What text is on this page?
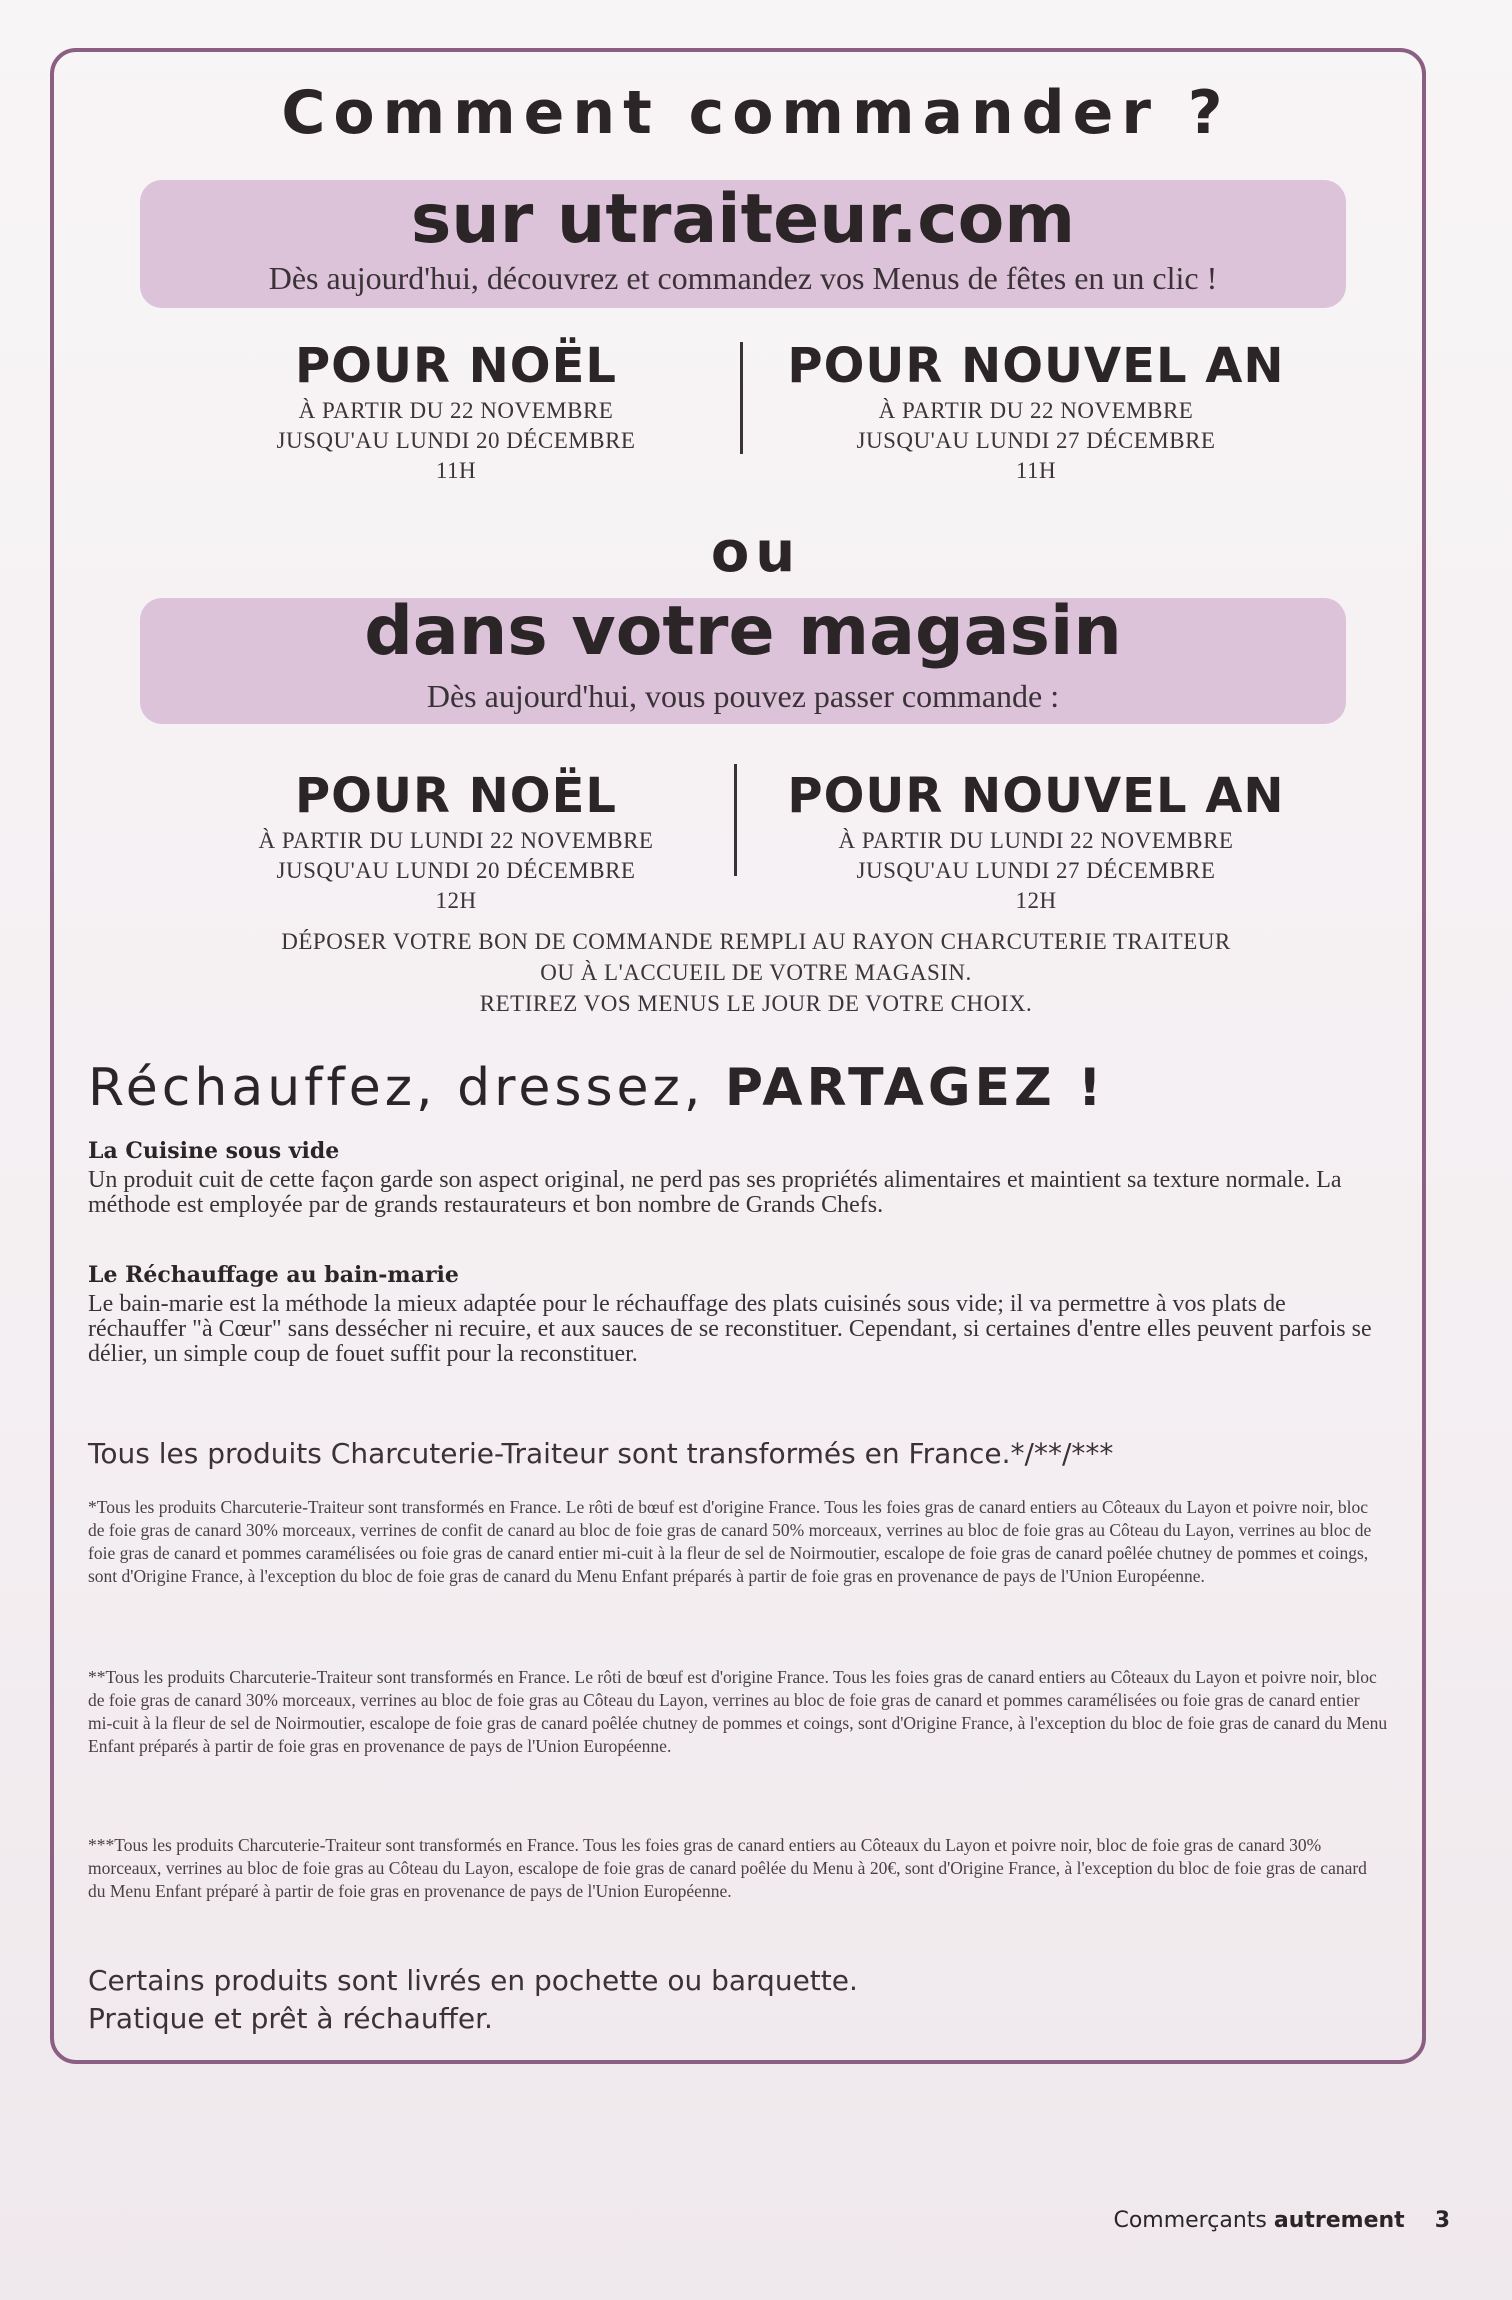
Comment commander ?
sur utraiteur.com
Dès aujourd'hui, découvrez et commandez vos Menus de fêtes en un clic !
POUR NOËL
À PARTIR DU 22 NOVEMBRE
JUSQU'AU LUNDI 20 DÉCEMBRE
11H
POUR NOUVEL AN
À PARTIR DU 22 NOVEMBRE
JUSQU'AU LUNDI 27 DÉCEMBRE
11H
ou
dans votre magasin
Dès aujourd'hui, vous pouvez passer commande :
POUR NOËL
À PARTIR DU LUNDI 22 NOVEMBRE
JUSQU'AU LUNDI 20 DÉCEMBRE
12H
POUR NOUVEL AN
À PARTIR DU LUNDI 22 NOVEMBRE
JUSQU'AU LUNDI 27 DÉCEMBRE
12H
DÉPOSER VOTRE BON DE COMMANDE REMPLI AU RAYON CHARCUTERIE TRAITEUR
OU À L'ACCUEIL DE VOTRE MAGASIN.
RETIREZ VOS MENUS LE JOUR DE VOTRE CHOIX.
Réchauffez, dressez, PARTAGEZ !
La Cuisine sous vide
Un produit cuit de cette façon garde son aspect original, ne perd pas ses propriétés alimentaires et maintient sa texture normale. La méthode est employée par de grands restaurateurs et bon nombre de Grands Chefs.
Le Réchauffage au bain-marie
Le bain-marie est la méthode la mieux adaptée pour le réchauffage des plats cuisinés sous vide; il va permettre à vos plats de réchauffer "à Cœur" sans dessécher ni recuire, et aux sauces de se reconstituer. Cependant, si certaines d'entre elles peuvent parfois se délier, un simple coup de fouet suffit pour la reconstituer.
Tous les produits Charcuterie-Traiteur sont transformés en France.*/**/***
*Tous les produits Charcuterie-Traiteur sont transformés en France. Le rôti de bœuf est d'origine France. Tous les foies gras de canard entiers au Côteaux du Layon et poivre noir, bloc de foie gras de canard 30% morceaux, verrines de confit de canard au bloc de foie gras de canard 50% morceaux, verrines au bloc de foie gras au Côteau du Layon, verrines au bloc de foie gras de canard et pommes caramélisées ou foie gras de canard entier mi-cuit à la fleur de sel de Noirmoutier, escalope de foie gras de canard poêlée chutney de pommes et coings, sont d'Origine France, à l'exception du bloc de foie gras de canard du Menu Enfant préparés à partir de foie gras en provenance de pays de l'Union Européenne.
**Tous les produits Charcuterie-Traiteur sont transformés en France. Le rôti de bœuf est d'origine France. Tous les foies gras de canard entiers au Côteaux du Layon et poivre noir, bloc de foie gras de canard 30% morceaux, verrines au bloc de foie gras au Côteau du Layon, verrines au bloc de foie gras de canard et pommes caramélisées ou foie gras de canard entier mi-cuit à la fleur de sel de Noirmoutier, escalope de foie gras de canard poêlée chutney de pommes et coings, sont d'Origine France, à l'exception du bloc de foie gras de canard du Menu Enfant préparés à partir de foie gras en provenance de pays de l'Union Européenne.
***Tous les produits Charcuterie-Traiteur sont transformés en France. Tous les foies gras de canard entiers au Côteaux du Layon et poivre noir, bloc de foie gras de canard 30% morceaux, verrines au bloc de foie gras au Côteau du Layon, escalope de foie gras de canard poêlée du Menu à 20€, sont d'Origine France, à l'exception du bloc de foie gras de canard du Menu Enfant préparé à partir de foie gras en provenance de pays de l'Union Européenne.
Certains produits sont livrés en pochette ou barquette.
Pratique et prêt à réchauffer.
Commerçants autrement 3
